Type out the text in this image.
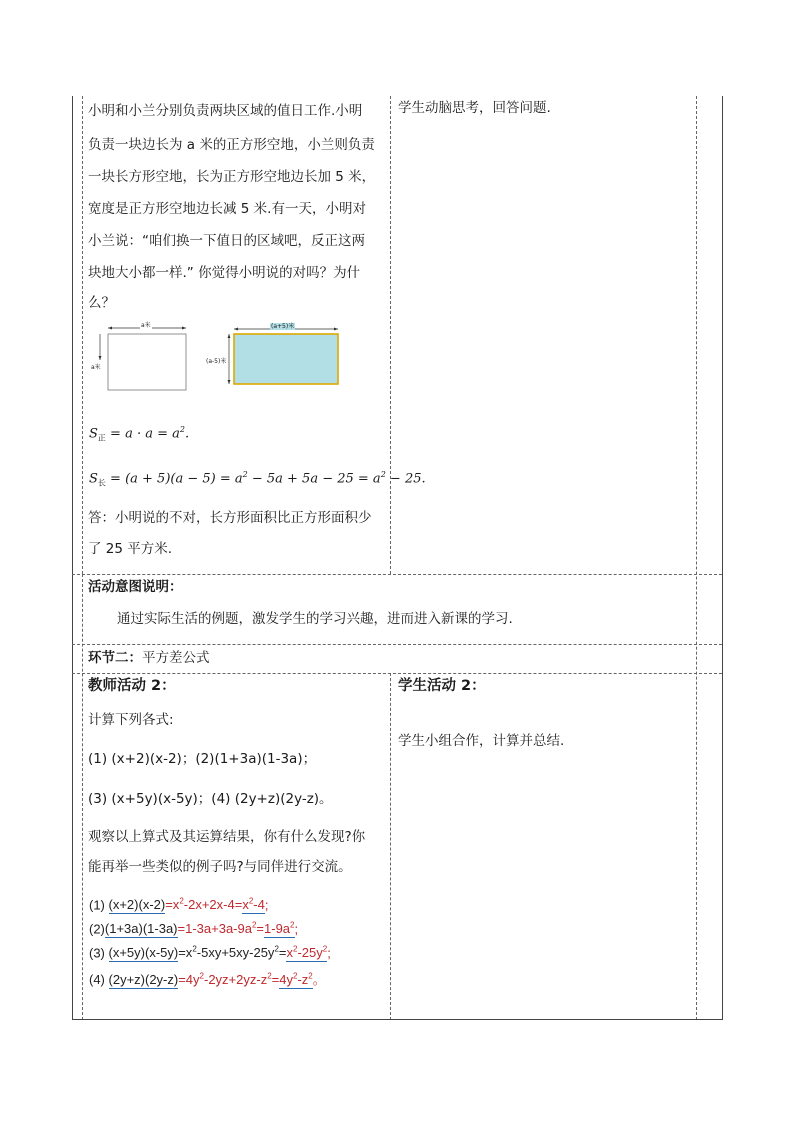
小明和小兰分别负责两块区域的值日工作.小明
负责一块边长为 a 米的正方形空地，小兰则负责
一块长方形空地，长为正方形空地边长加 5 米，
宽度是正方形空地边长减 5 米.有一天，小明对
小兰说：“咱们换一下值日的区域吧，反正这两
块地大小都一样.” 你觉得小明说的对吗？为什
么？
a米
a米
(a+5)米
(a-5)米
$S_正 = a \cdot a = a^2$.
$S_长 = (a + 5)(a - 5) = a^2 - 5a + 5a - 25 = a^2 - 25$.
答：小明说的不对，长方形面积比正方形面积少
了 25 平方米.
学生动脑思考，回答问题.
活动意图说明：
通过实际生活的例题，激发学生的学习兴趣，进而进入新课的学习.
环节二：平方差公式
教师活动 2：
计算下列各式:
(1) (x+2)(x-2)；(2)(1+3a)(1-3a)；
(3) (x+5y)(x-5y)；(4) (2y+z)(2y-z)。
观察以上算式及其运算结果，你有什么发现?你
能再举一些类似的例子吗?与同伴进行交流。
(1) $(x+2)(x-2)=x^2-2x+2x-4=x^2-4$;
$(2)(1+3a)(1-3a)=1-3a+3a-9a^2=1-9a^2$;
(3) $(x+5y)(x-5y)=x^2-5xy+5xy-25y^2=x^2-25y^2$;
(4) $(2y+z)(2y-z)=4y^2-2yz+2yz-z^2=4y^2-z^2$。
学生活动 2：
学生小组合作，计算并总结.
